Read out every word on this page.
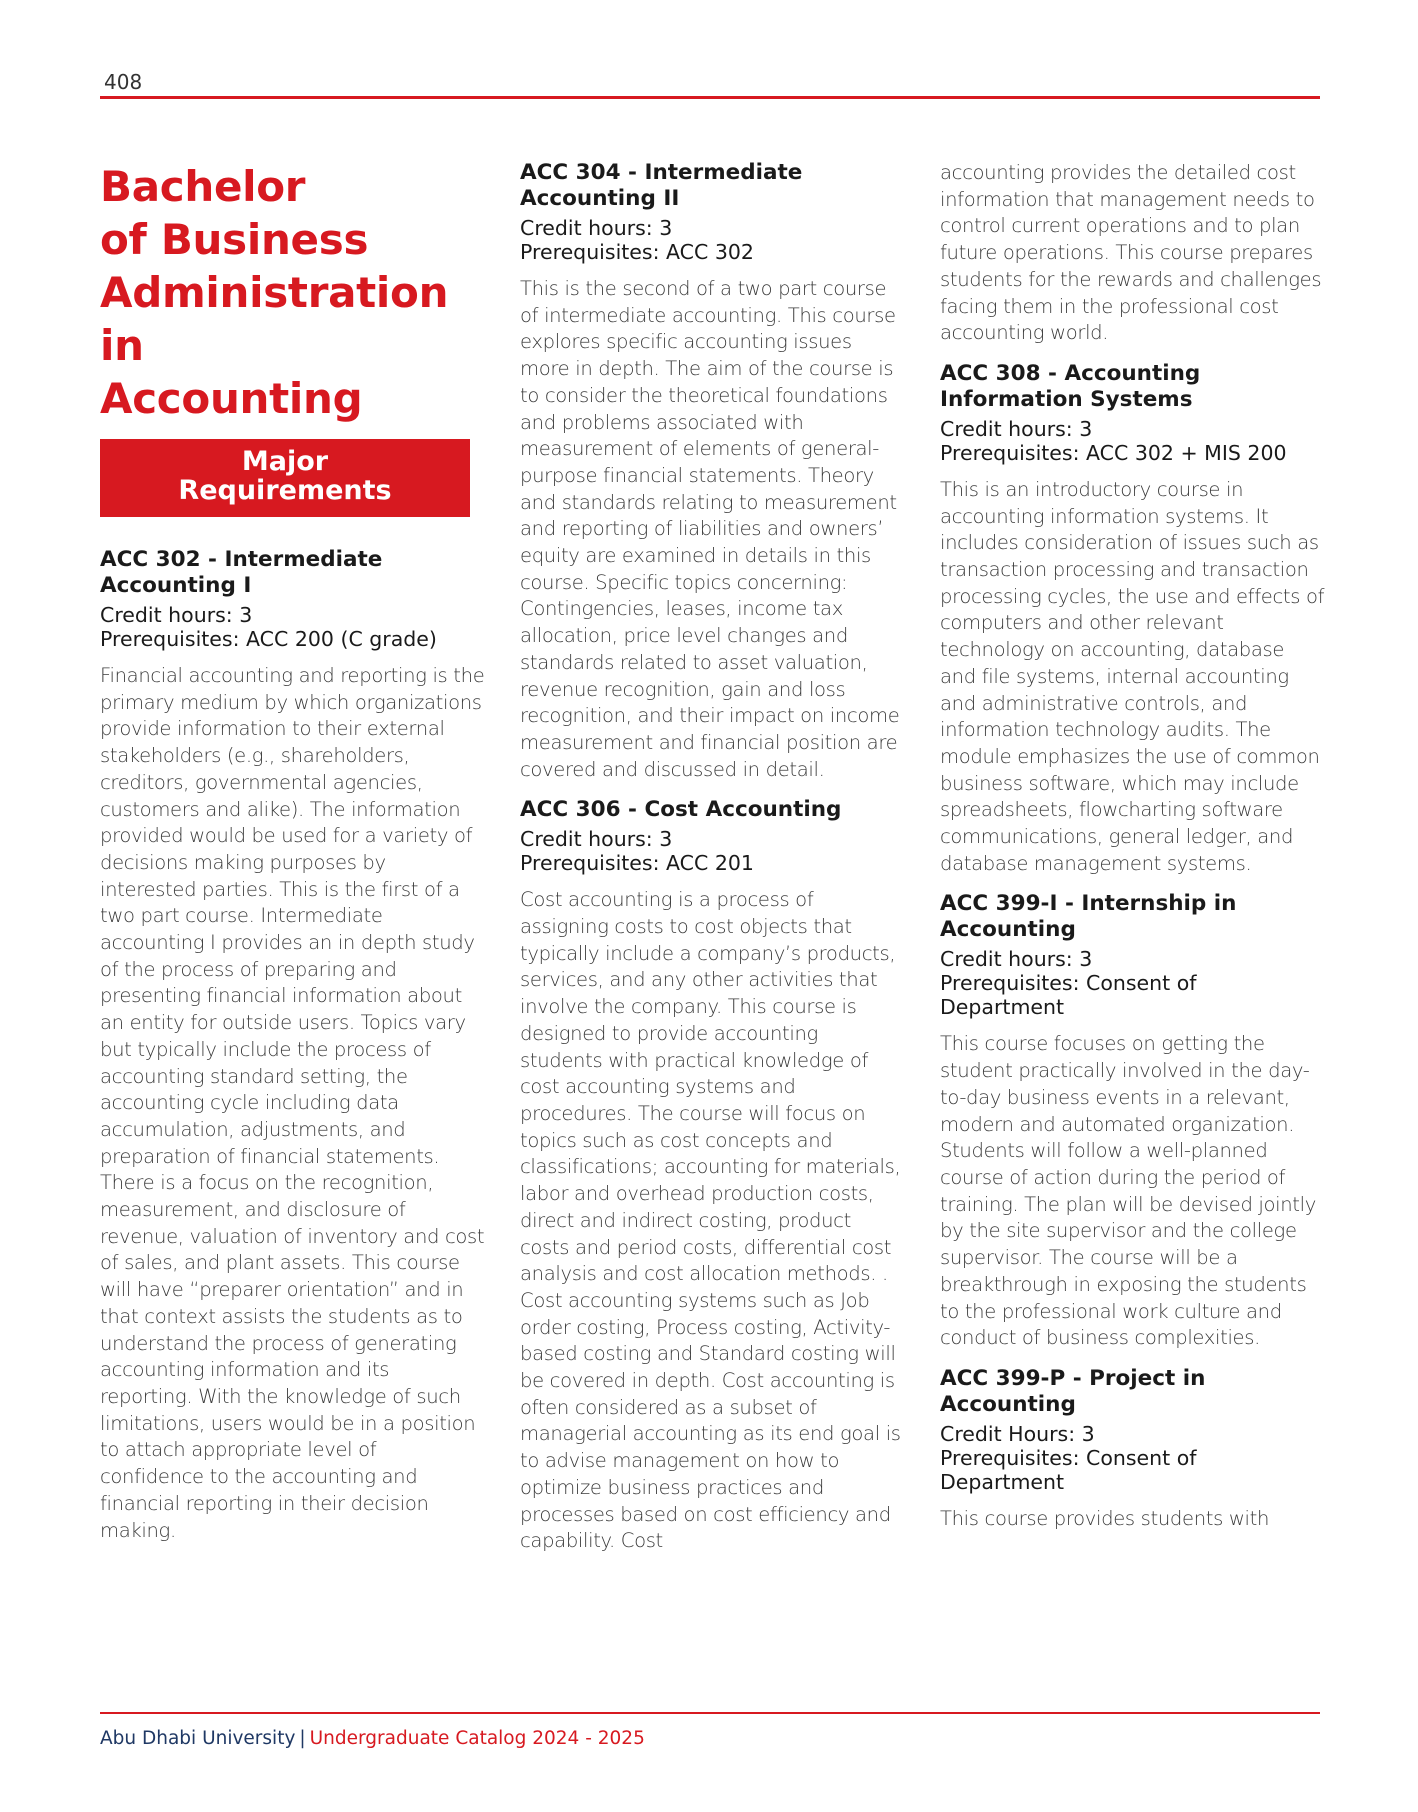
408
Bachelor
of Business
Administration in
Accounting
Major
Requirements
ACC 302 - Intermediate Accounting I
Credit hours: 3
Prerequisites: ACC 200 (C grade)

Financial accounting and reporting is the primary medium by which organizations provide information to their external stakeholders (e.g., shareholders, creditors, governmental agencies, customers and alike). The information provided would be used for a variety of decisions making purposes by interested parties. This is the first of a two part course. Intermediate accounting I provides an in depth study of the process of preparing and presenting financial information about an entity for outside users. Topics vary but typically include the process of accounting standard setting, the accounting cycle including data accumulation, adjustments, and preparation of financial statements. There is a focus on the recognition, measurement, and disclosure of revenue, valuation of inventory and cost of sales, and plant assets. This course will have “preparer orientation” and in that context assists the students as to understand the process of generating accounting information and its reporting. With the knowledge of such limitations, users would be in a position to attach appropriate level of confidence to the accounting and financial reporting in their decision making.

ACC 304 - Intermediate Accounting II
Credit hours: 3
Prerequisites: ACC 302

This is the second of a two part course of intermediate accounting. This course explores specific accounting issues more in depth. The aim of the course is to consider the theoretical foundations and problems associated with measurement of elements of general-purpose financial statements. Theory and standards relating to measurement and reporting of liabilities and owners’ equity are examined in details in this course. Specific topics concerning: Contingencies, leases, income tax allocation, price level changes and standards related to asset valuation, revenue recognition, gain and loss recognition, and their impact on income measurement and financial position are covered and discussed in detail.

ACC 306 - Cost Accounting
Credit hours: 3
Prerequisites: ACC 201

Cost accounting is a process of assigning costs to cost objects that typically include a company’s products, services, and any other activities that involve the company. This course is designed to provide accounting students with practical knowledge of cost accounting systems and procedures. The course will focus on topics such as cost concepts and classifications; accounting for materials, labor and overhead production costs, direct and indirect costing, product costs and period costs, differential cost analysis and cost allocation methods. . Cost accounting systems such as Job order costing, Process costing, Activity-based costing and Standard costing will be covered in depth. Cost accounting is often considered as a subset of managerial accounting as its end goal is to advise management on how to optimize business practices and processes based on cost efficiency and capability. Cost

accounting provides the detailed cost information that management needs to control current operations and to plan future operations. This course prepares students for the rewards and challenges facing them in the professional cost accounting world.

ACC 308 - Accounting Information Systems
Credit hours: 3
Prerequisites: ACC 302 + MIS 200

This is an introductory course in accounting information systems. It includes consideration of issues such as transaction processing and transaction processing cycles, the use and effects of computers and other relevant technology on accounting, database and file systems, internal accounting and administrative controls, and information technology audits. The module emphasizes the use of common business software, which may include spreadsheets, flowcharting software communications, general ledger, and database management systems.

ACC 399-I - Internship in Accounting
Credit hours: 3
Prerequisites: Consent of Department

This course focuses on getting the student practically involved in the day-to-day business events in a relevant, modern and automated organization. Students will follow a well-planned course of action during the period of training. The plan will be devised jointly by the site supervisor and the college supervisor. The course will be a breakthrough in exposing the students to the professional work culture and conduct of business complexities.

ACC 399-P - Project in Accounting
Credit Hours: 3
Prerequisites: Consent of Department

This course provides students with

Abu Dhabi University | Undergraduate Catalog 2024 - 2025
